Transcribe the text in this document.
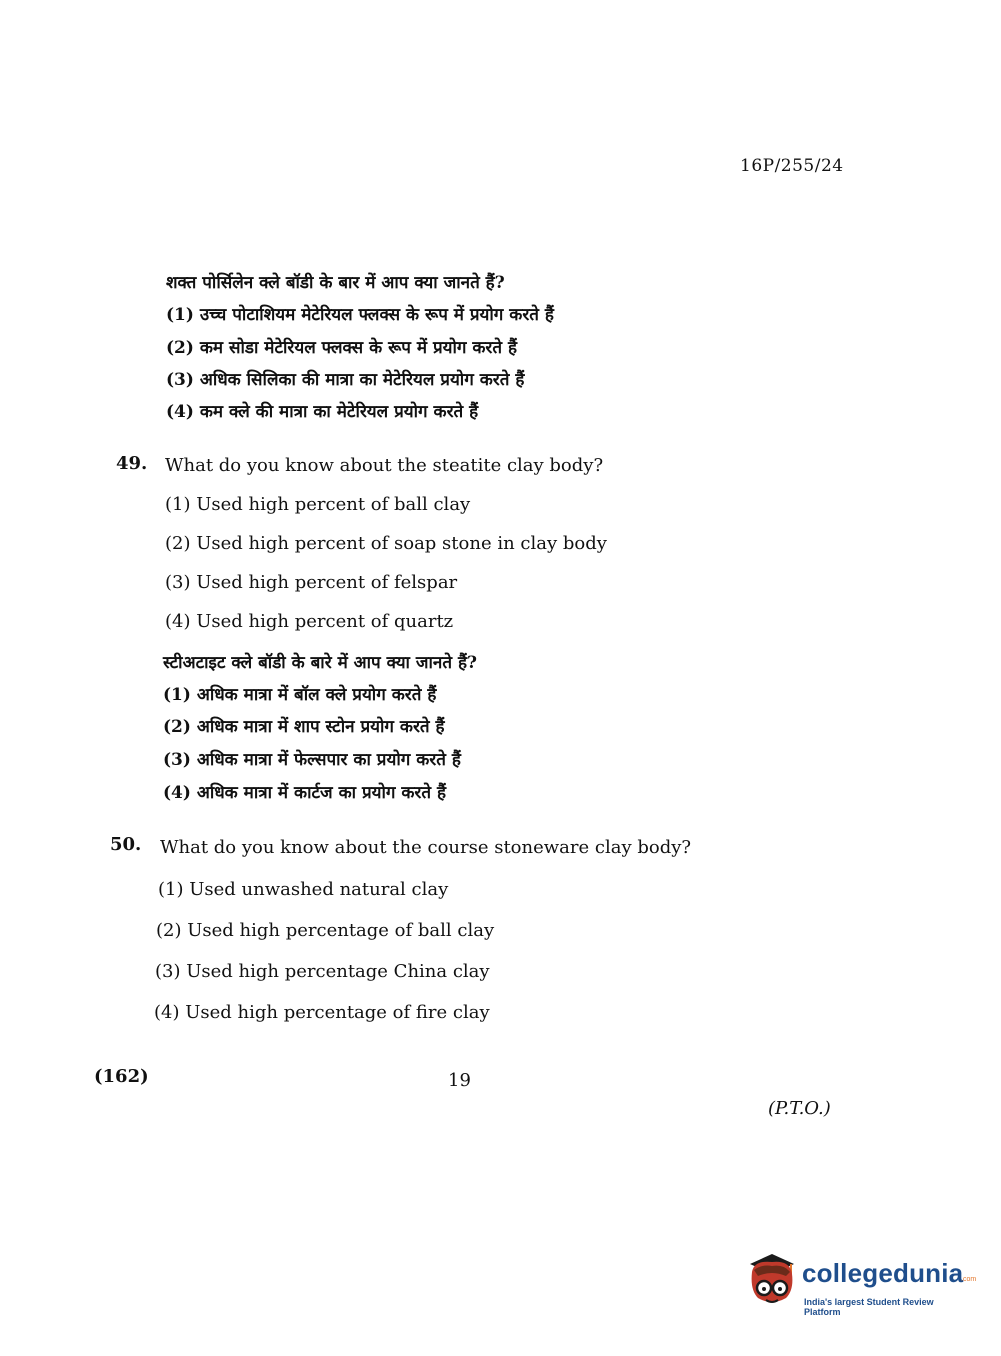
16P/255/24
शक्त पोर्सिलेन क्ले बॉडी के बार में आप क्या जानते हैं?
(1) उच्च पोटाशियम मेटेरियल फ्लक्स के रूप में प्रयोग करते हैं
(2) कम सोडा मेटेरियल फ्लक्स के रूप में प्रयोग करते हैं
(3) अधिक सिलिका की मात्रा का मेटेरियल प्रयोग करते हैं
(4) कम क्ले की मात्रा का मेटेरियल प्रयोग करते हैं
49. What do you know about the steatite clay body?
(1) Used high percent of ball clay
(2) Used high percent of soap stone in clay body
(3) Used high percent of felspar
(4) Used high percent of quartz
स्टीअटाइट क्ले बॉडी के बारे में आप क्या जानते हैं?
(1) अधिक मात्रा में बॉल क्ले प्रयोग करते हैं
(2) अधिक मात्रा में शाप स्टोन प्रयोग करते हैं
(3) अधिक मात्रा में फेल्सपार का प्रयोग करते हैं
(4) अधिक मात्रा में कार्टज का प्रयोग करते हैं
50. What do you know about the course stoneware clay body?
(1) Used unwashed natural clay
(2) Used high percentage of ball clay
(3) Used high percentage China clay
(4) Used high percentage of fire clay
(162)	19
(P.T.O.)
collegedunia
.com
India's largest Student Review Platform
